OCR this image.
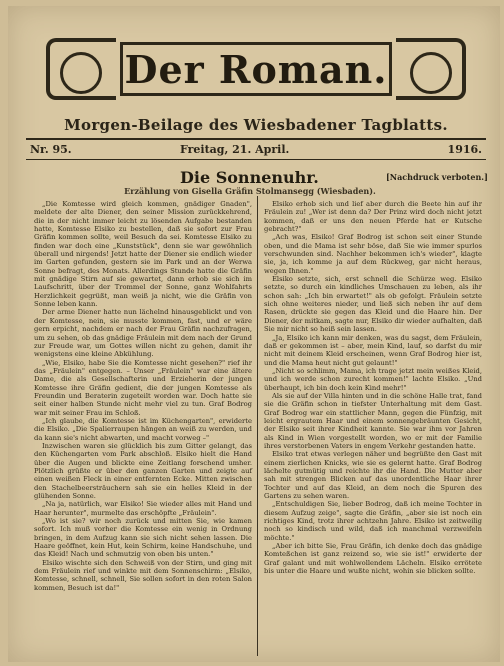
Der Roman.
Morgen-Beilage des Wiesbadener Tagblatts.
Nr. 95.	Freitag, 21. April.	1916.
Die Sonnenuhr.	[Nachdruck verboten.]
Erzählung von Gisella Gräfin Stolmansegg (Wiesbaden).

„Die Komtesse wird gleich kommen, gnädiger Gnaden", meldete der alte Diener, den seiner Mission zurückkehrend, die in der nicht immer leicht zu lösenden Aufgabe bestanden hatte, Komtesse Elsiko zu bestellen, daß sie sofort zur Frau Gräfin kommen sollte, weil Besuch da sei. Komtesse Elsiko zu finden war doch eine „Kunststück", denn sie war gewöhnlich überall und nirgends! Jetzt hatte der Diener sie endlich wieder im Garten gefunden, gestern sie im Park und an der Werwa Sonne befragt, des Monats. Allerdings Stunde hatte die Gräfin mit gnädige Stirn auf sie gewartet, dann erhob sie sich im Laufschritt, über der Trommel der Sonne, ganz Wohlfahrts Herzlichkeit gegrüßt, man weiß ja nicht, wie die Gräfin von Sonne leben kann.

Der arme Diener hatte nun lächelnd hinausgeblickt und von der Komtesse, nein, sie musste kommen, fast, und er wäre gern erpicht, nachdem er nach der Frau Gräfin nachzufragen, um zu sehen, ob das gnädige Fräulein mit dem nach der Grund zur Freude war, um Gottes willen nicht zu gehen, damit ihr wenigstens eine kleine Abkühlung.

„Wie, Elsiko, habe Sie die Komtesse nicht gesehen?" rief ihr das „Fräulein" entgegen. – Unser „Fräulein" war eine ältere Dame, die als Gesellschafterin und Erzieherin der jungen Komtesse ihre Gräfin gedient, die der jungen Komtesse als Freundin und Beraterin zugeteilt worden war. Doch hatte sie seit einer halben Stunde nicht mehr viel zu tun. Graf Bodrog war mit seiner Frau im Schloß.

„Ich glaube, die Komtesse ist im Küchengarten", erwiderte die Elsiko. „Die Spalierraupen hängen an weiß zu werden, und da kann sie's nicht abwarten, und macht vorweg –"

Inzwischen waren sie glücklich bis zum Gitter gelangt, das den Küchengarten vom Park abschloß. Elsiko hielt die Hand über die Augen und blickte eine Zeitlang forschend umher. Plötzlich grüßte er über den ganzen Garten und zeigte auf einen weißen Fleck in einer entfernten Ecke. Mitten zwischen den Stachelbeersträuchern sah sie ein helles Kleid in der glühenden Sonne.

„Na ja, natürlich, war Elsiko! Sie wieder alles mit Hand und Haar herunter", murmelte das erschöpfte „Fräulein".

„Wo ist sie? wir noch zurück und mitten Sie, wie kamen sofort. Ich muß vorher die Komtesse ein wenig in Ordnung bringen, in dem Aufzug kann sie sich nicht sehen lassen. Die Haare geöffnet, kein Hut, kein Schirm, keine Handschuhe, und das Kleid! Nach und schmutzig von oben bis unten."

Elsiko wischte sich den Schweiß von der Stirn, und ging mit dem Fräulein rief und winkte mit dem Sonnenschirm: „Elsiko, Komtesse, schnell, schnell, Sie sollen sofort in den roten Salon kommen, Besuch ist da!"

Elsiko erhob sich und lief aber durch die Beete hin auf ihr Fräulein zu! „Wer ist denn da? Der Prinz wird doch nicht jetzt kommen, daß er uns den neuen Pferde hat er Kutsche gebracht?"

„Ach was, Elsiko! Graf Bodrog ist schon seit einer Stunde oben, und die Mama ist sehr böse, daß Sie wie immer spurlos verschwunden sind. Nachher bekommen ich's wieder", klagte sie, ja, ich komme ja auf dem Rückweg, gar nicht heraus, wegen Ihnen."

Elsiko setzte, sich, erst schnell die Schürze weg. Elsiko setzte, so durch ein kindliches Umschauen zu leben, als ihr schon sah: „Ich bin erwartet!" als ob gefolgt. Fräulein setzte sich ohne weiteres nieder, und ließ sich neben ihr auf dem Rasen, drückte sie gegen das Kleid und die Haare hin. Der Diener, der mitkam, sagte nur, Elsiko dir wieder aufhalten, daß Sie mir nicht so heiß sein lassen.

„Ja, Elsiko ich kann mir denken, was du sagst, dem Fräulein, daß er gekommen ist – aber, mein Kind, lauf, so darfst du mir nicht mit deinem Kleid erscheinen, wenn Graf Bodrog hier ist, und die Mama heut nicht gut gelaunt!"

„Nicht so schlimm, Mama, ich trage jetzt mein weißes Kleid, und ich werde schon zurecht kommen!" lachte Elsiko. „Und überhaupt, ich bin doch kein Kind mehr!"

Als sie auf der Villa hinten und in die schöne Halle trat, fand sie die Gräfin schon in tiefster Unterhaltung mit dem Gast. Graf Bodrog war ein stattlicher Mann, gegen die Fünfzig, mit leicht ergrautem Haar und einem sonnengebräunten Gesicht, der Elsiko seit ihrer Kindheit kannte. Sie war ihm vor Jahren als Kind in Wien vorgestellt worden, wo er mit der Familie ihres verstorbenen Vaters in engem Verkehr gestanden hatte.

Elsiko trat etwas verlegen näher und begrüßte den Gast mit einem zierlichen Knicks, wie sie es gelernt hatte. Graf Bodrog lächelte gutmütig und reichte ihr die Hand. Die Mutter aber sah mit strengen Blicken auf das unordentliche Haar ihrer Tochter und auf das Kleid, an dem noch die Spuren des Gartens zu sehen waren.

„Entschuldigen Sie, lieber Bodrog, daß ich meine Tochter in diesem Aufzug zeige", sagte die Gräfin, „aber sie ist noch ein richtiges Kind, trotz ihrer achtzehn Jahre. Elsiko ist zeitweilig noch so kindisch und wild, daß ich manchmal verzweifeln möchte."

„Aber ich bitte Sie, Frau Gräfin, ich denke doch das gnädige Komteßchen ist ganz reizend so, wie sie ist!" erwiderte der Graf galant und mit wohlwollendem Lächeln. Elsiko errötete bis unter die Haare und wußte nicht, wohin sie blicken sollte.
